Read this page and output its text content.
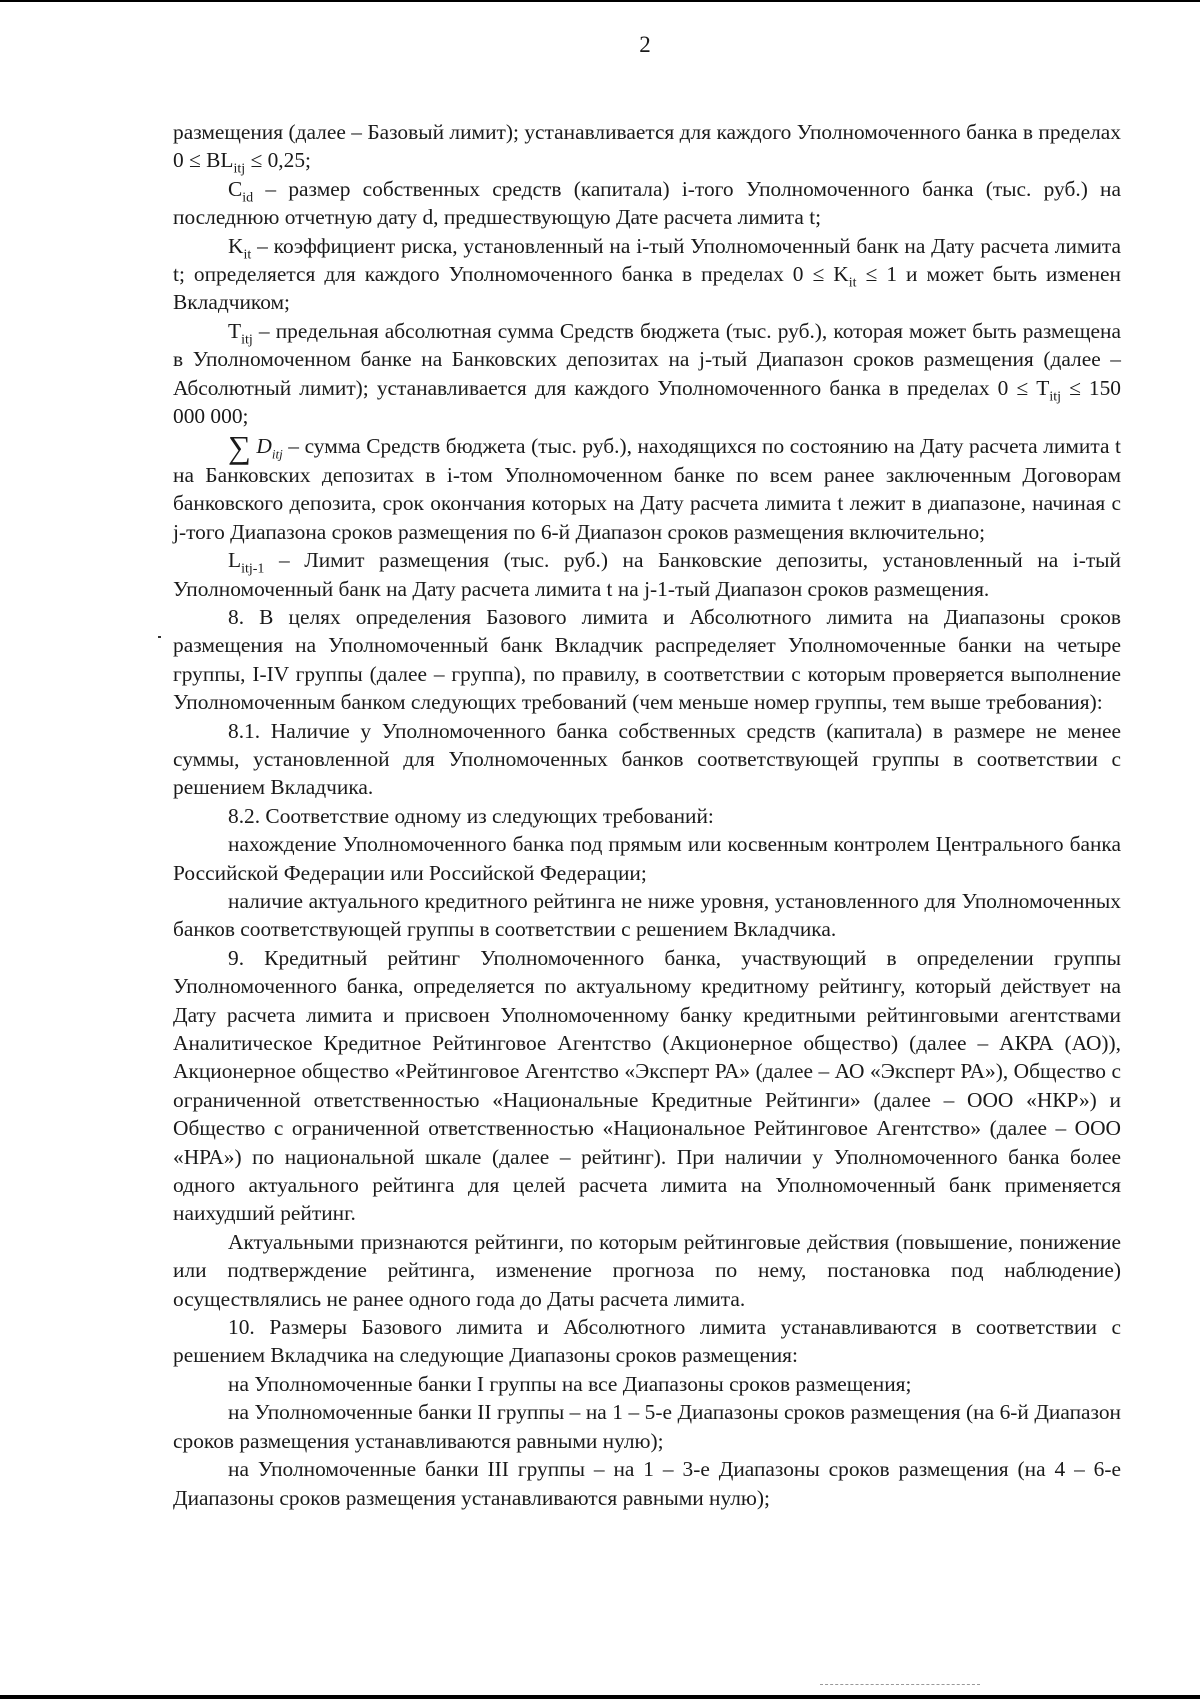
2

размещения (далее – Базовый лимит); устанавливается для каждого Уполномоченного банка в пределах $0 \le BL_{itj} \le 0,25$;

$C_{id}$ – размер собственных средств (капитала) i-того Уполномоченного банка (тыс. руб.) на последнюю отчетную дату d, предшествующую Дате расчета лимита t;

$K_{it}$ – коэффициент риска, установленный на i-тый Уполномоченный банк на Дату расчета лимита t; определяется для каждого Уполномоченного банка в пределах $0 \le K_{it} \le 1$ и может быть изменен Вкладчиком;

$T_{itj}$ – предельная абсолютная сумма Средств бюджета (тыс. руб.), которая может быть размещена в Уполномоченном банке на Банковских депозитах на j-тый Диапазон сроков размещения (далее – Абсолютный лимит); устанавливается для каждого Уполномоченного банка в пределах $0 \le T_{itj} \le 150$ 000 000;

∑ $D_{itj}$ – сумма Средств бюджета (тыс. руб.), находящихся по состоянию на Дату расчета лимита t на Банковских депозитах в i-том Уполномоченном банке по всем ранее заключенным Договорам банковского депозита, срок окончания которых на Дату расчета лимита t лежит в диапазоне, начиная с j-того Диапазона сроков размещения по 6-й Диапазон сроков размещения включительно;

$L_{itj-1}$ – Лимит размещения (тыс. руб.) на Банковские депозиты, установленный на i-тый Уполномоченный банк на Дату расчета лимита t на j-1-тый Диапазон сроков размещения.

8. В целях определения Базового лимита и Абсолютного лимита на Диапазоны сроков размещения на Уполномоченный банк Вкладчик распределяет Уполномоченные банки на четыре группы, I-IV группы (далее – группа), по правилу, в соответствии с которым проверяется выполнение Уполномоченным банком следующих требований (чем меньше номер группы, тем выше требования):

8.1. Наличие у Уполномоченного банка собственных средств (капитала) в размере не менее суммы, установленной для Уполномоченных банков соответствующей группы в соответствии с решением Вкладчика.

8.2. Соответствие одному из следующих требований:

нахождение Уполномоченного банка под прямым или косвенным контролем Центрального банка Российской Федерации или Российской Федерации;

наличие актуального кредитного рейтинга не ниже уровня, установленного для Уполномоченных банков соответствующей группы в соответствии с решением Вкладчика.

9. Кредитный рейтинг Уполномоченного банка, участвующий в определении группы Уполномоченного банка, определяется по актуальному кредитному рейтингу, который действует на Дату расчета лимита и присвоен Уполномоченному банку кредитными рейтинговыми агентствами Аналитическое Кредитное Рейтинговое Агентство (Акционерное общество) (далее – АКРА (АО)), Акционерное общество «Рейтинговое Агентство «Эксперт РА» (далее – АО «Эксперт РА»), Общество с ограниченной ответственностью «Национальные Кредитные Рейтинги» (далее – ООО «НКР») и Общество с ограниченной ответственностью «Национальное Рейтинговое Агентство» (далее – ООО «НРА») по национальной шкале (далее – рейтинг). При наличии у Уполномоченного банка более одного актуального рейтинга для целей расчета лимита на Уполномоченный банк применяется наихудший рейтинг.

Актуальными признаются рейтинги, по которым рейтинговые действия (повышение, понижение или подтверждение рейтинга, изменение прогноза по нему, постановка под наблюдение) осуществлялись не ранее одного года до Даты расчета лимита.

10. Размеры Базового лимита и Абсолютного лимита устанавливаются в соответствии с решением Вкладчика на следующие Диапазоны сроков размещения:

на Уполномоченные банки I группы на все Диапазоны сроков размещения;

на Уполномоченные банки II группы – на 1 – 5-е Диапазоны сроков размещения (на 6-й Диапазон сроков размещения устанавливаются равными нулю);

на Уполномоченные банки III группы – на 1 – 3-е Диапазоны сроков размещения (на 4 – 6-е Диапазоны сроков размещения устанавливаются равными нулю);
